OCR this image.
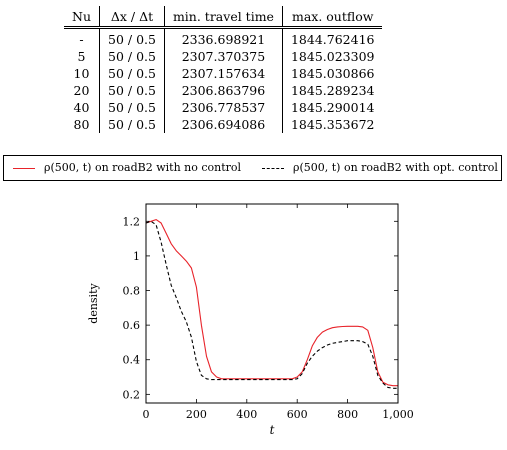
Nu	Δx / Δt	min. travel time	max. outflow
-	50 / 0.5	2336.698921	1844.762416
5	50 / 0.5	2307.370375	1845.023309
10	50 / 0.5	2307.157634	1845.030866
20	50 / 0.5	2306.863796	1845.289234
40	50 / 0.5	2306.778537	1845.290014
80	50 / 0.5	2306.694086	1845.353672
ρ(500, t) on roadB2 with no control	ρ(500, t) on roadB2 with opt. control
0	200	400	600	800 1,000
0.2
0.4
0.6
0.8
1
1.2
t
density
